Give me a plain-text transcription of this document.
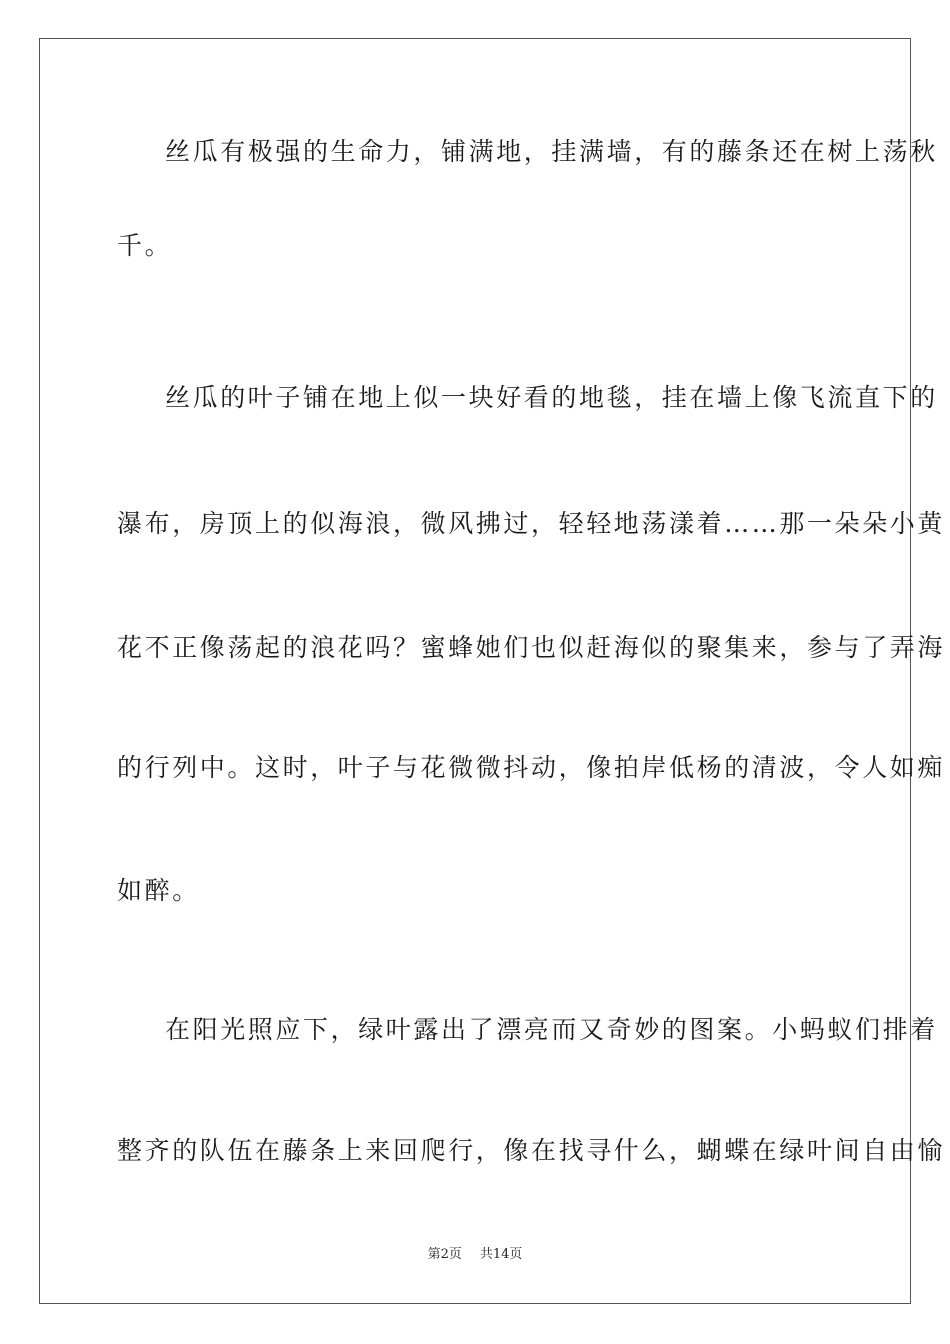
丝瓜有极强的生命力，铺满地，挂满墙，有的藤条还在树上荡秋
千。
丝瓜的叶子铺在地上似一块好看的地毯，挂在墙上像飞流直下的
瀑布，房顶上的似海浪，微风拂过，轻轻地荡漾着……那一朵朵小黄
花不正像荡起的浪花吗？蜜蜂她们也似赶海似的聚集来，参与了弄海
的行列中。这时，叶子与花微微抖动，像拍岸低杨的清波，令人如痴
如醉。
在阳光照应下，绿叶露出了漂亮而又奇妙的图案。小蚂蚁们排着
整齐的队伍在藤条上来回爬行，像在找寻什么，蝴蝶在绿叶间自由愉
第2页 共14页
